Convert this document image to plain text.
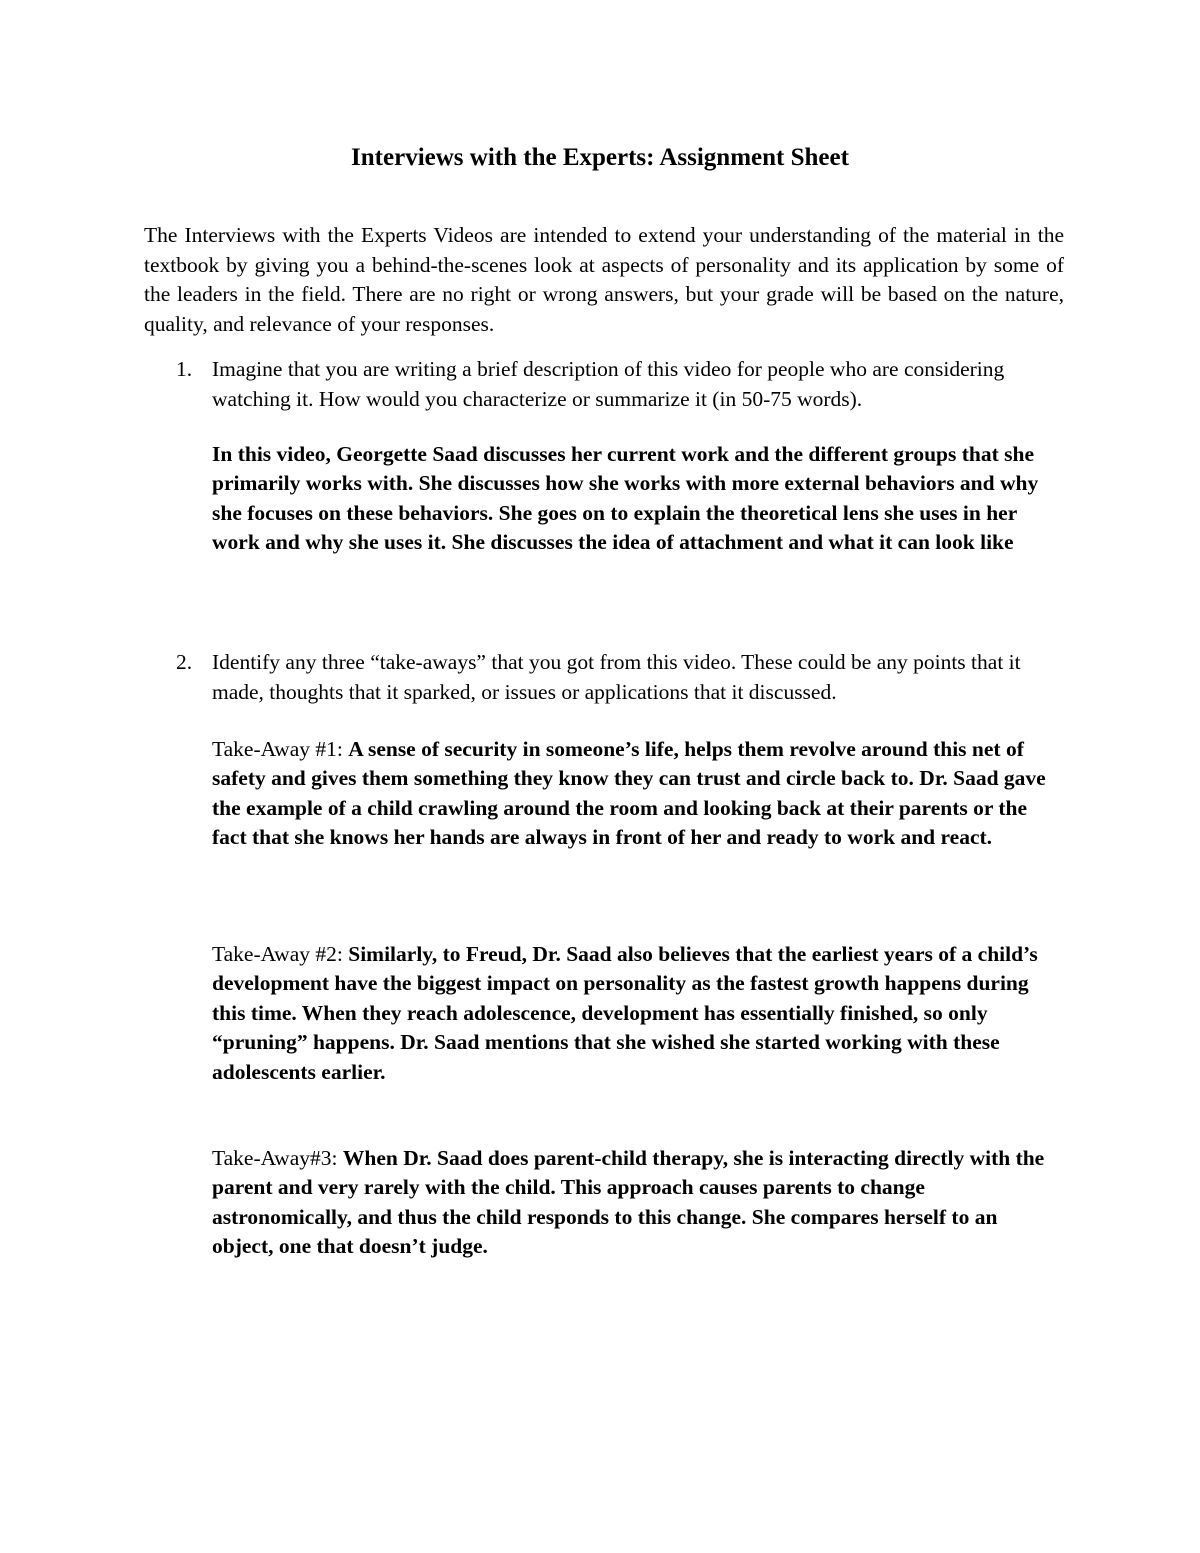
Interviews with the Experts: Assignment Sheet

The Interviews with the Experts Videos are intended to extend your understanding of the material in the textbook by giving you a behind-the-scenes look at aspects of personality and its application by some of the leaders in the field. There are no right or wrong answers, but your grade will be based on the nature, quality, and relevance of your responses.

1. Imagine that you are writing a brief description of this video for people who are considering watching it. How would you characterize or summarize it (in 50-75 words).

In this video, Georgette Saad discusses her current work and the different groups that she primarily works with. She discusses how she works with more external behaviors and why she focuses on these behaviors. She goes on to explain the theoretical lens she uses in her work and why she uses it. She discusses the idea of attachment and what it can look like

2. Identify any three “take-aways” that you got from this video. These could be any points that it made, thoughts that it sparked, or issues or applications that it discussed.

Take-Away #1: A sense of security in someone’s life, helps them revolve around this net of safety and gives them something they know they can trust and circle back to. Dr. Saad gave the example of a child crawling around the room and looking back at their parents or the fact that she knows her hands are always in front of her and ready to work and react.

Take-Away #2: Similarly, to Freud, Dr. Saad also believes that the earliest years of a child’s development have the biggest impact on personality as the fastest growth happens during this time. When they reach adolescence, development has essentially finished, so only “pruning” happens. Dr. Saad mentions that she wished she started working with these adolescents earlier.

Take-Away#3: When Dr. Saad does parent-child therapy, she is interacting directly with the parent and very rarely with the child. This approach causes parents to change astronomically, and thus the child responds to this change. She compares herself to an object, one that doesn’t judge.
